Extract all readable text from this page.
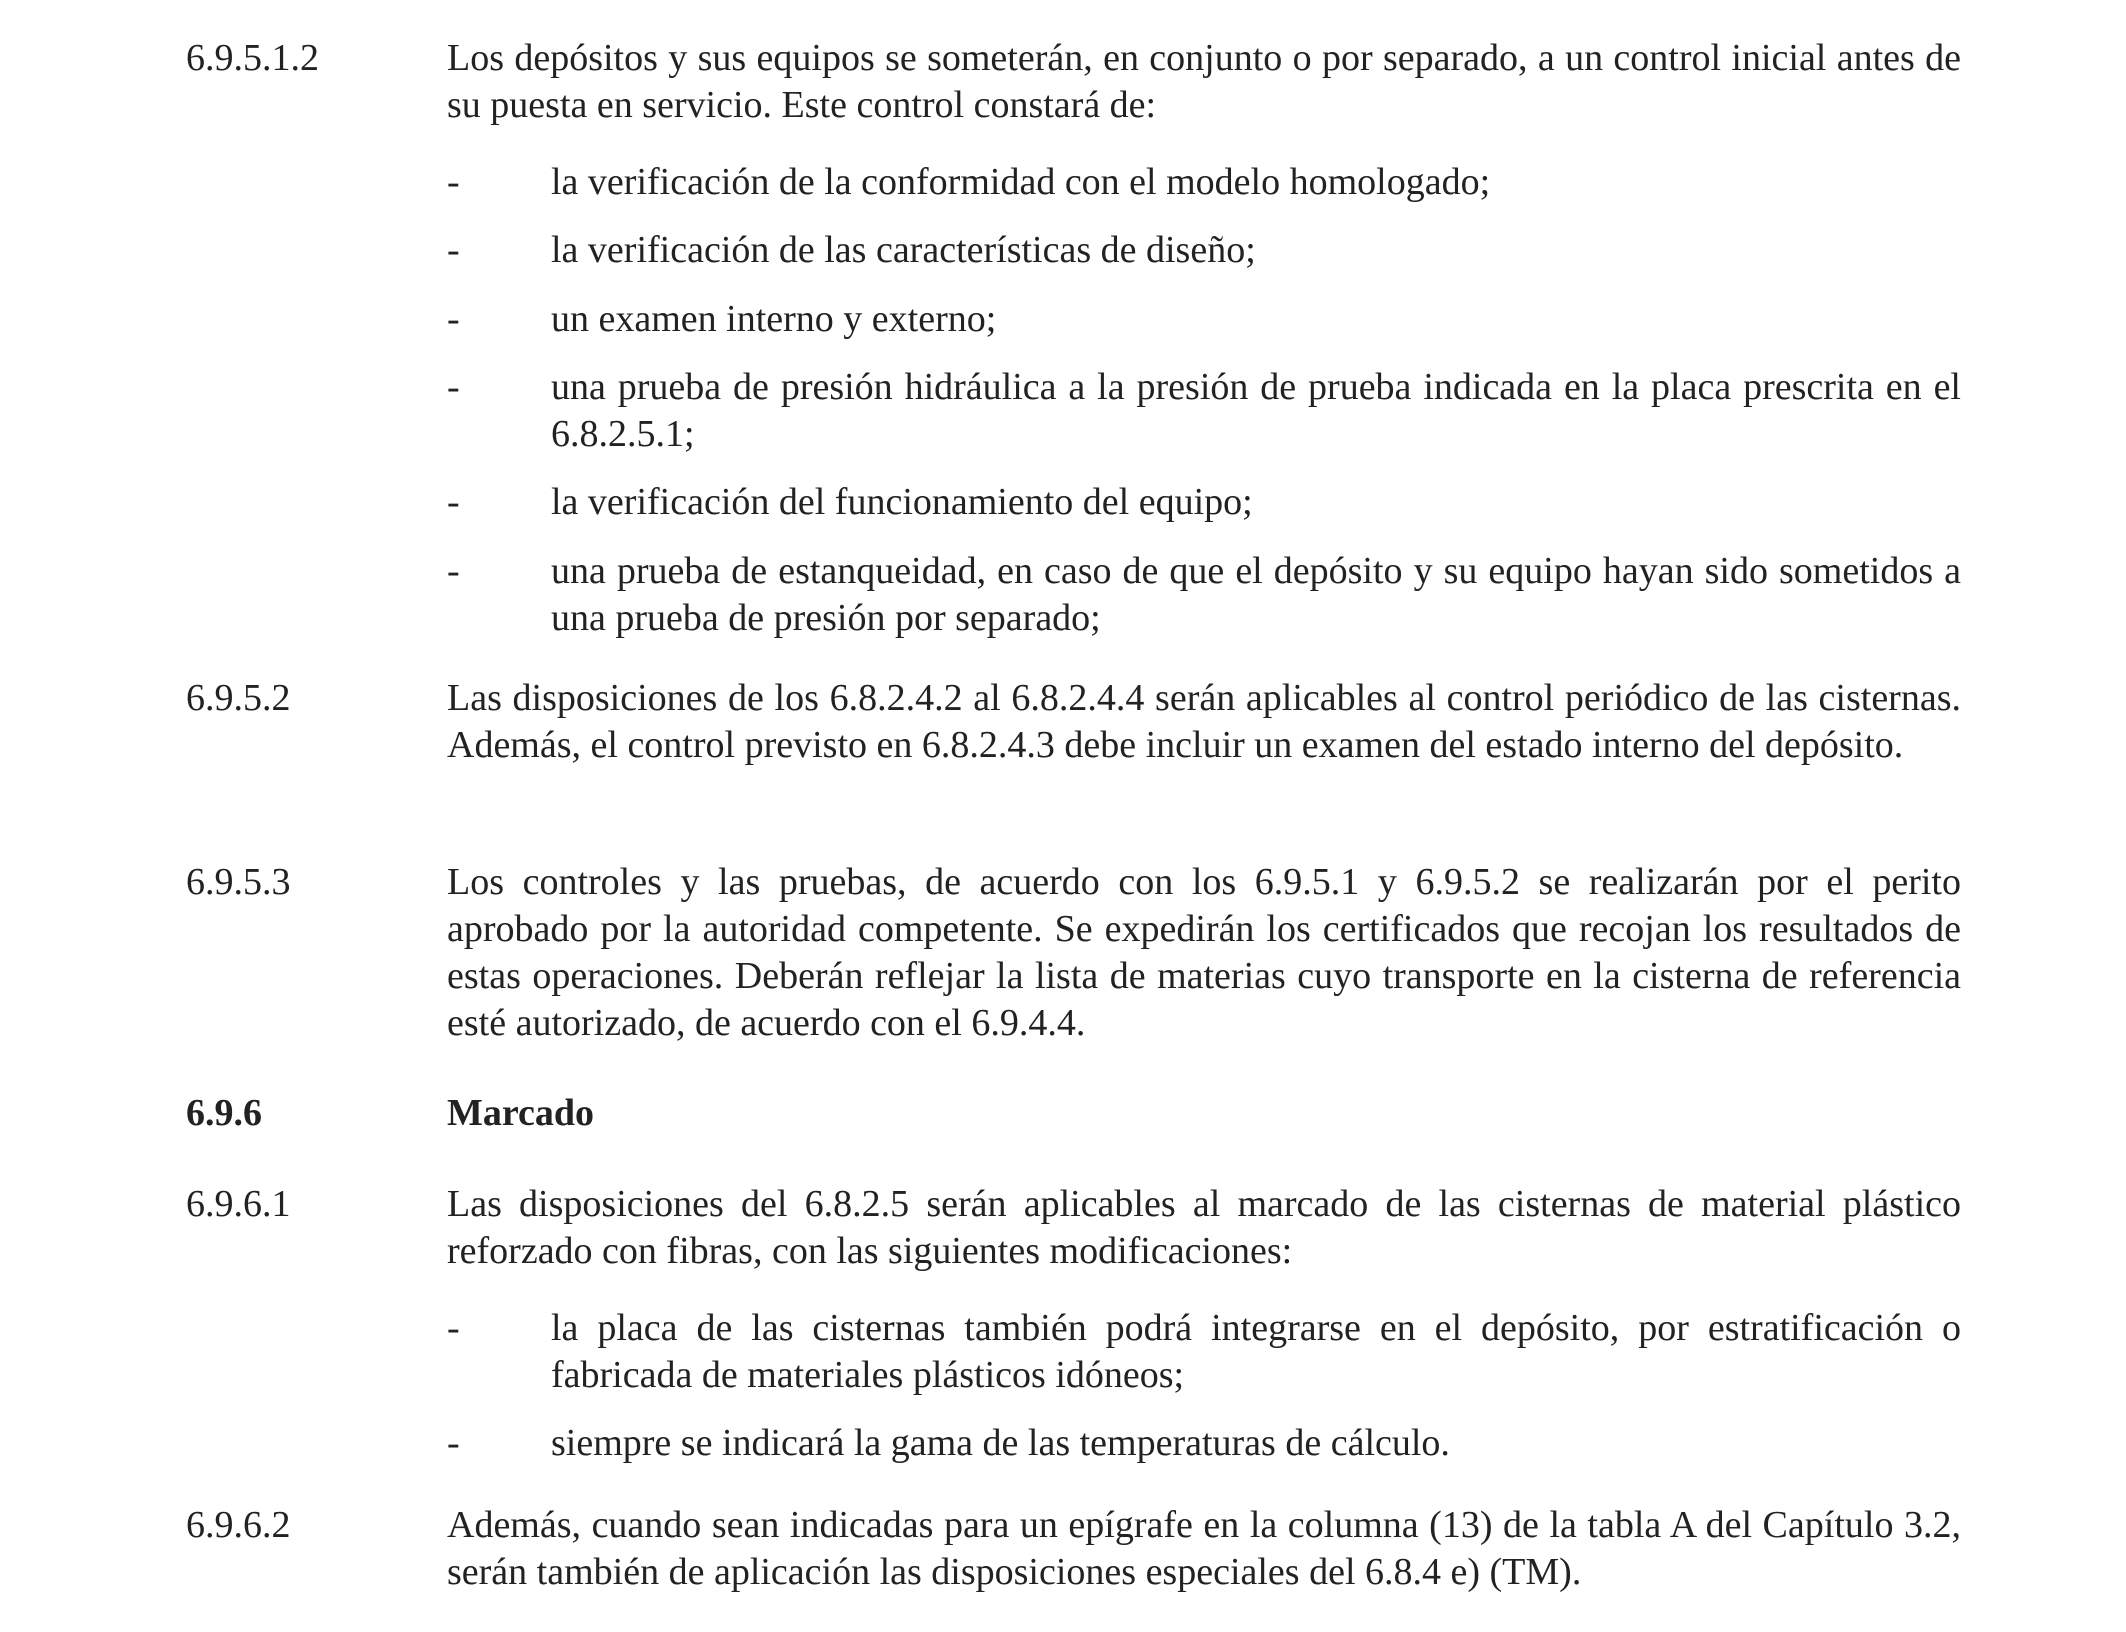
6.9.5.1.2	Los depósitos y sus equipos se someterán, en conjunto o por separado, a un control inicial antes de su puesta en servicio. Este control constará de:
-	la verificación de la conformidad con el modelo homologado;
-	la verificación de las características de diseño;
-	un examen interno y externo;
-	una prueba de presión hidráulica a la presión de prueba indicada en la placa prescrita en el 6.8.2.5.1;
-	la verificación del funcionamiento del equipo;
-	una prueba de estanqueidad, en caso de que el depósito y su equipo hayan sido sometidos a una prueba de presión por separado;
6.9.5.2	Las disposiciones de los 6.8.2.4.2 al 6.8.2.4.4 serán aplicables al control periódico de las cisternas. Además, el control previsto en 6.8.2.4.3 debe incluir un examen del estado interno del depósito.
6.9.5.3	Los controles y las pruebas, de acuerdo con los 6.9.5.1 y 6.9.5.2 se realizarán por el perito aprobado por la autoridad competente. Se expedirán los certificados que recojan los resultados de estas operaciones. Deberán reflejar la lista de materias cuyo transporte en la cisterna de referencia esté autorizado, de acuerdo con el 6.9.4.4.
6.9.6	Marcado
6.9.6.1	Las disposiciones del 6.8.2.5 serán aplicables al marcado de las cisternas de material plástico reforzado con fibras, con las siguientes modificaciones:
-	la placa de las cisternas también podrá integrarse en el depósito, por estratificación o fabricada de materiales plásticos idóneos;
-	siempre se indicará la gama de las temperaturas de cálculo.
6.9.6.2	Además, cuando sean indicadas para un epígrafe en la columna (13) de la tabla A del Capítulo 3.2, serán también de aplicación las disposiciones especiales del 6.8.4 e) (TM).
